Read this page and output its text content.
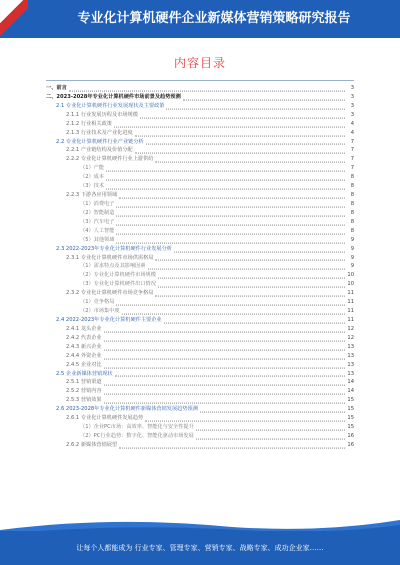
专业化计算机硬件企业新媒体营销策略研究报告
内容目录
一、前言	3
二、2023-2028年专业化计算机硬件市场前景及趋势预测	3
2.1 专业化计算机硬件行业发展现状及主要政策	3
2.1.1 行业发展历程及市场规模	3
2.1.2 行业相关政策	4
2.1.3 行业技术及产业化进度	4
2.2 专业化计算机硬件行业产业链分析	7
2.2.1 产业链结构及价值分配	7
2.2.2 专业化计算机硬件行业上游供给	7
（1）产能	7
（2）成本	8
（3）技术	8
2.2.3 下游各应用领域	8
（1）消费电子	8
（2）智能制造	8
（3）汽车电子	8
（4）人工智能	8
（5）其他领域	9
2.3 2022-2023年专业化计算机硬件行业发展分析	9
2.3.1 专业化计算机硬件市场供需格局	9
（1）需求特点及其影响因素	9
（2）专业化计算机硬件市场规模	10
（3）专业化计算机硬件出口情况	10
2.3.2 专业化计算机硬件市场竞争格局	11
（1）竞争格局	11
（2）市场集中度	11
2.4 2022-2023年专业化计算机硬件主要企业	11
2.4.1 龙头企业	12
2.4.2 代表企业	12
2.4.3 新兴企业	13
2.4.4 外资企业	13
2.4.5 企业对比	13
2.5 企业新媒体营销现状	13
2.5.1 营销渠道	14
2.5.2 营销内容	14
2.5.3 营销效果	15
2.6 2023-2028年专业化计算机硬件新媒体营销发展趋势预测	15
2.6.1 专业化计算机硬件发展趋势	15
（1）企业PC市场：高效率、智能化与安全性提升	15
（2）PC行业趋势：数字化、智能化驱动市场发展	16
2.6.2 新媒体营销展望	16
让每个人都能成为 行业专家、管理专家、营销专家、战略专家、成功企业家……
